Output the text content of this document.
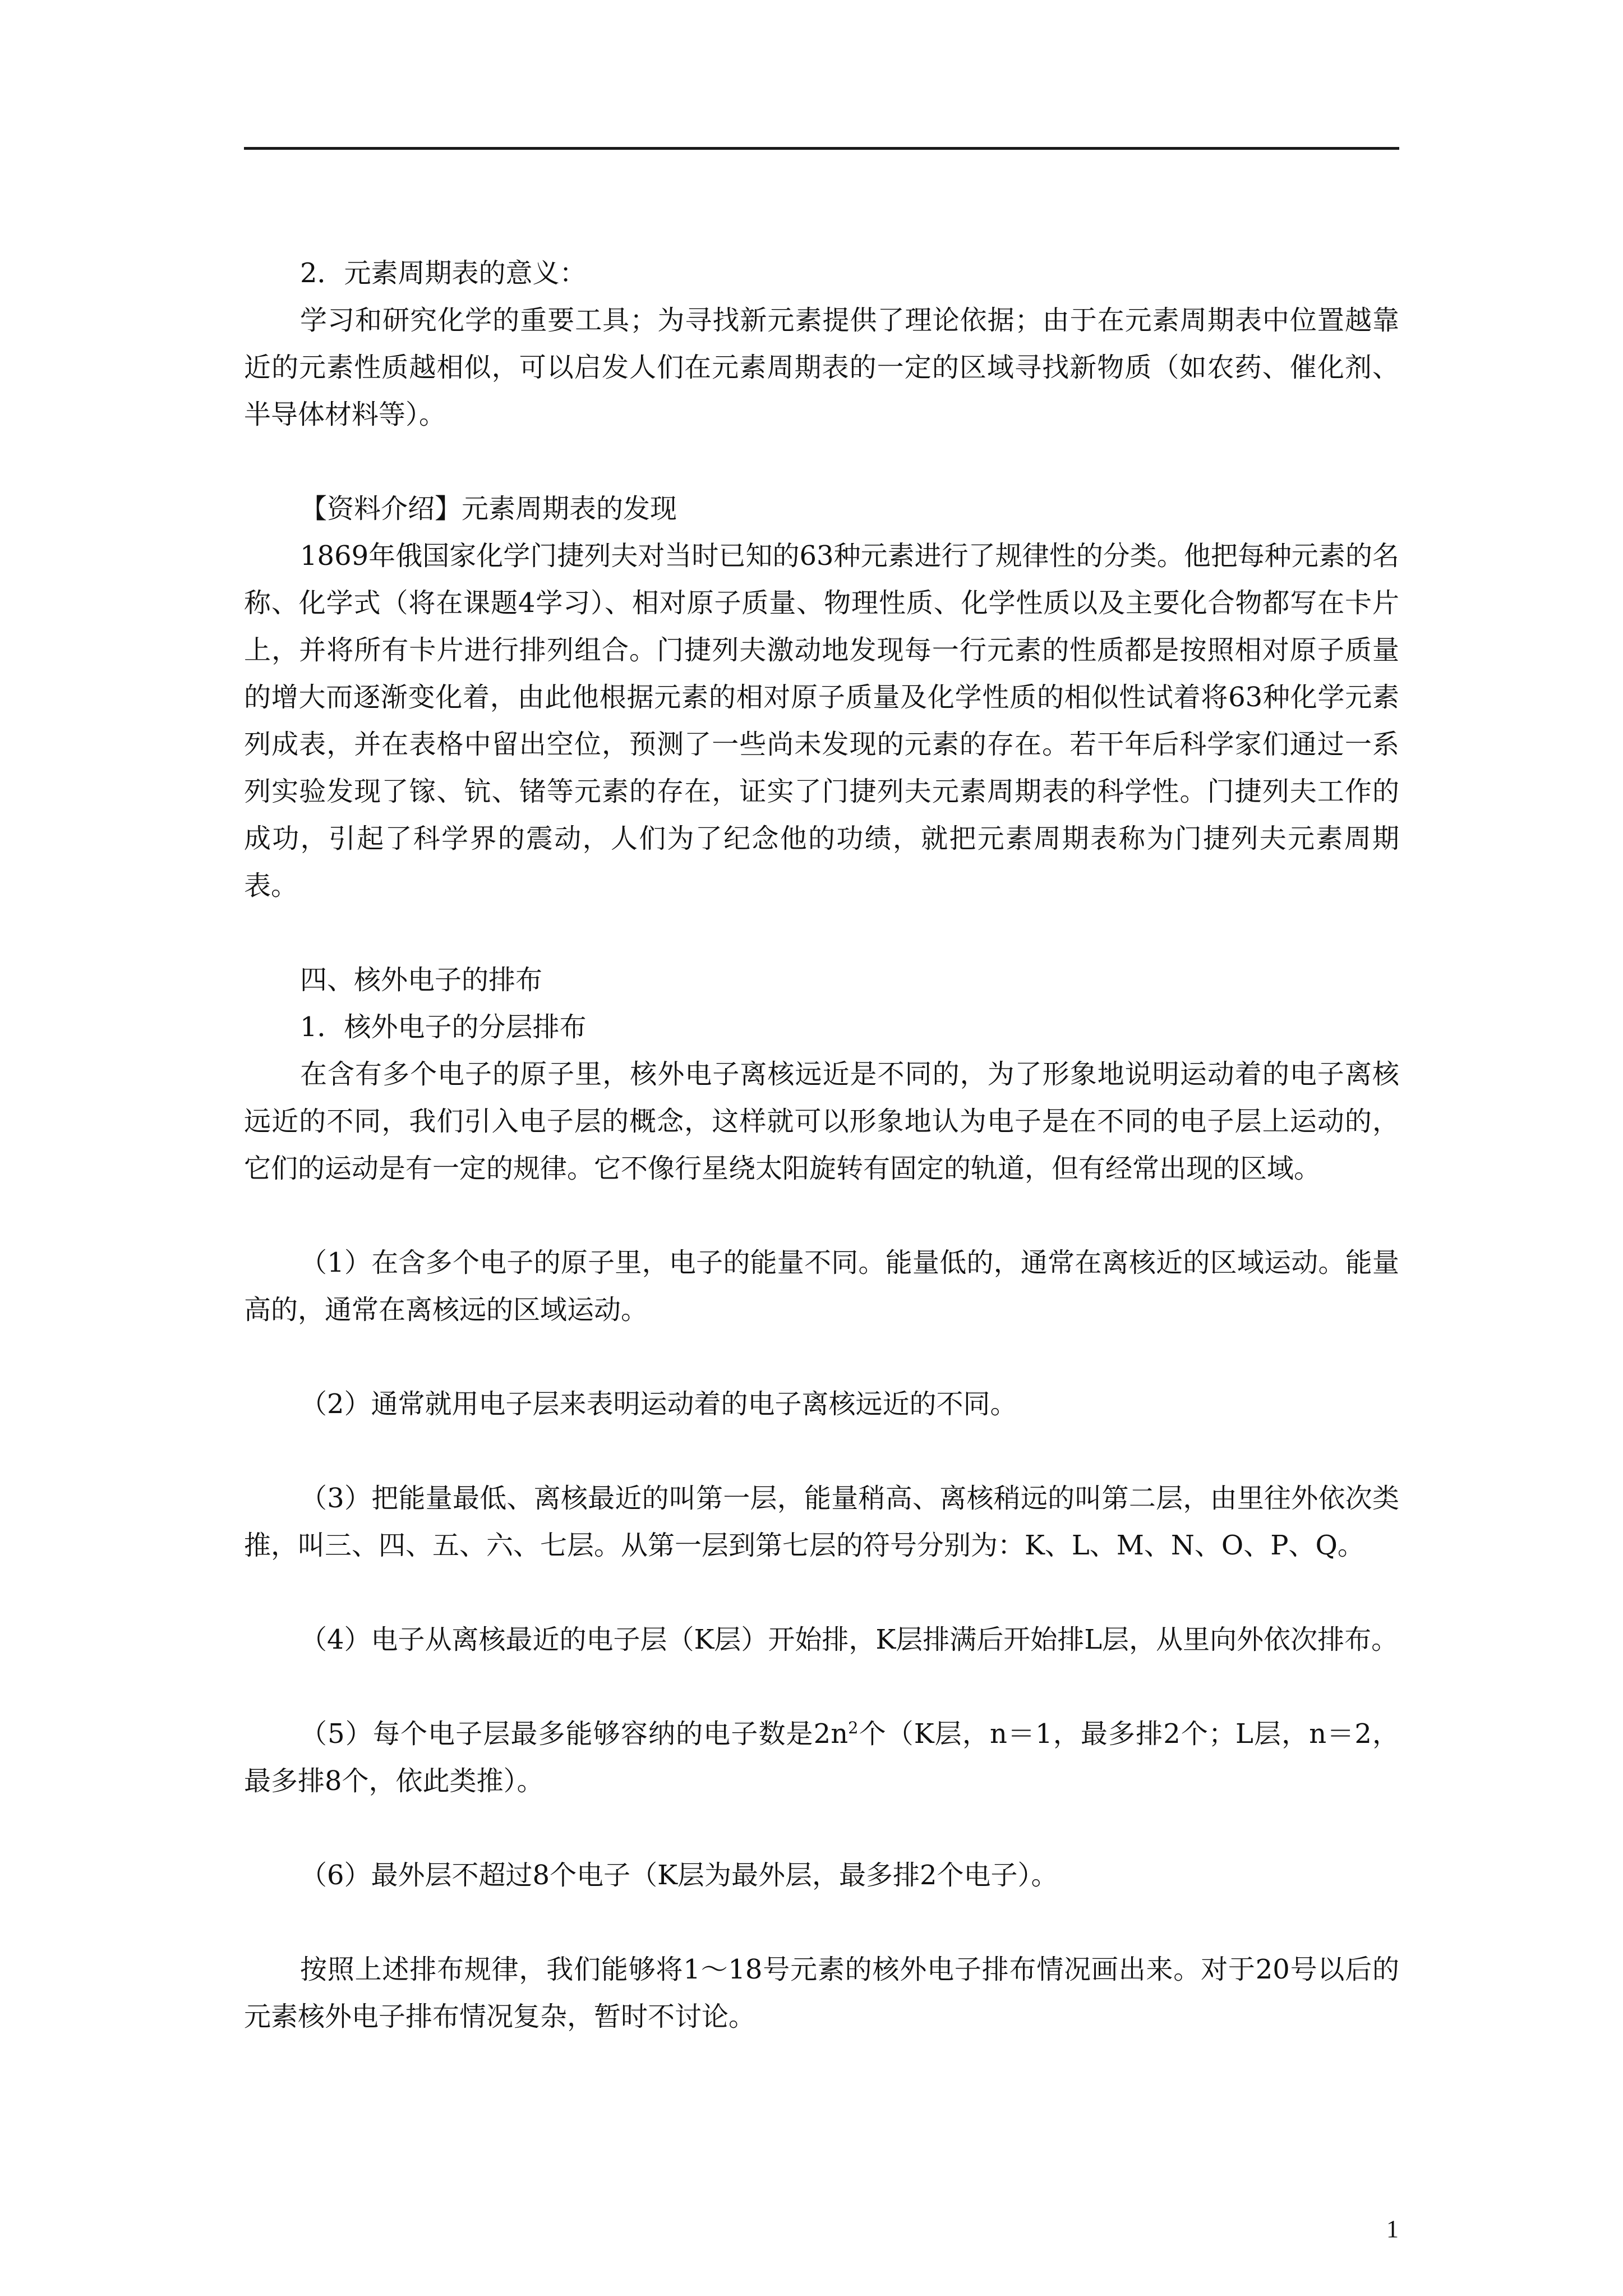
2．元素周期表的意义：

学习和研究化学的重要工具；为寻找新元素提供了理论依据；由于在元素周期表中位置越靠近的元素性质越相似，可以启发人们在元素周期表的一定的区域寻找新物质（如农药、催化剂、半导体材料等）。

【资料介绍】元素周期表的发现

1869年俄国家化学门捷列夫对当时已知的63种元素进行了规律性的分类。他把每种元素的名称、化学式（将在课题4学习）、相对原子质量、物理性质、化学性质以及主要化合物都写在卡片上，并将所有卡片进行排列组合。门捷列夫激动地发现每一行元素的性质都是按照相对原子质量的增大而逐渐变化着，由此他根据元素的相对原子质量及化学性质的相似性试着将63种化学元素列成表，并在表格中留出空位，预测了一些尚未发现的元素的存在。若干年后科学家们通过一系列实验发现了镓、钪、锗等元素的存在，证实了门捷列夫元素周期表的科学性。门捷列夫工作的成功，引起了科学界的震动，人们为了纪念他的功绩，就把元素周期表称为门捷列夫元素周期表。

四、核外电子的排布

1．核外电子的分层排布

在含有多个电子的原子里，核外电子离核远近是不同的，为了形象地说明运动着的电子离核远近的不同，我们引入电子层的概念，这样就可以形象地认为电子是在不同的电子层上运动的，它们的运动是有一定的规律。它不像行星绕太阳旋转有固定的轨道，但有经常出现的区域。

（1）在含多个电子的原子里，电子的能量不同。能量低的，通常在离核近的区域运动。能量高的，通常在离核远的区域运动。

（2）通常就用电子层来表明运动着的电子离核远近的不同。

（3）把能量最低、离核最近的叫第一层，能量稍高、离核稍远的叫第二层，由里往外依次类推，叫三、四、五、六、七层。从第一层到第七层的符号分别为：K、L、M、N、O、P、Q。

（4）电子从离核最近的电子层（K层）开始排，K层排满后开始排L层，从里向外依次排布。

（5）每个电子层最多能够容纳的电子数是$2n^2$个（K层，n＝1，最多排2个；L层，n＝2，最多排8个，依此类推）。

（6）最外层不超过8个电子（K层为最外层，最多排2个电子）。

按照上述排布规律，我们能够将1～18号元素的核外电子排布情况画出来。对于20号以后的元素核外电子排布情况复杂，暂时不讨论。

1
